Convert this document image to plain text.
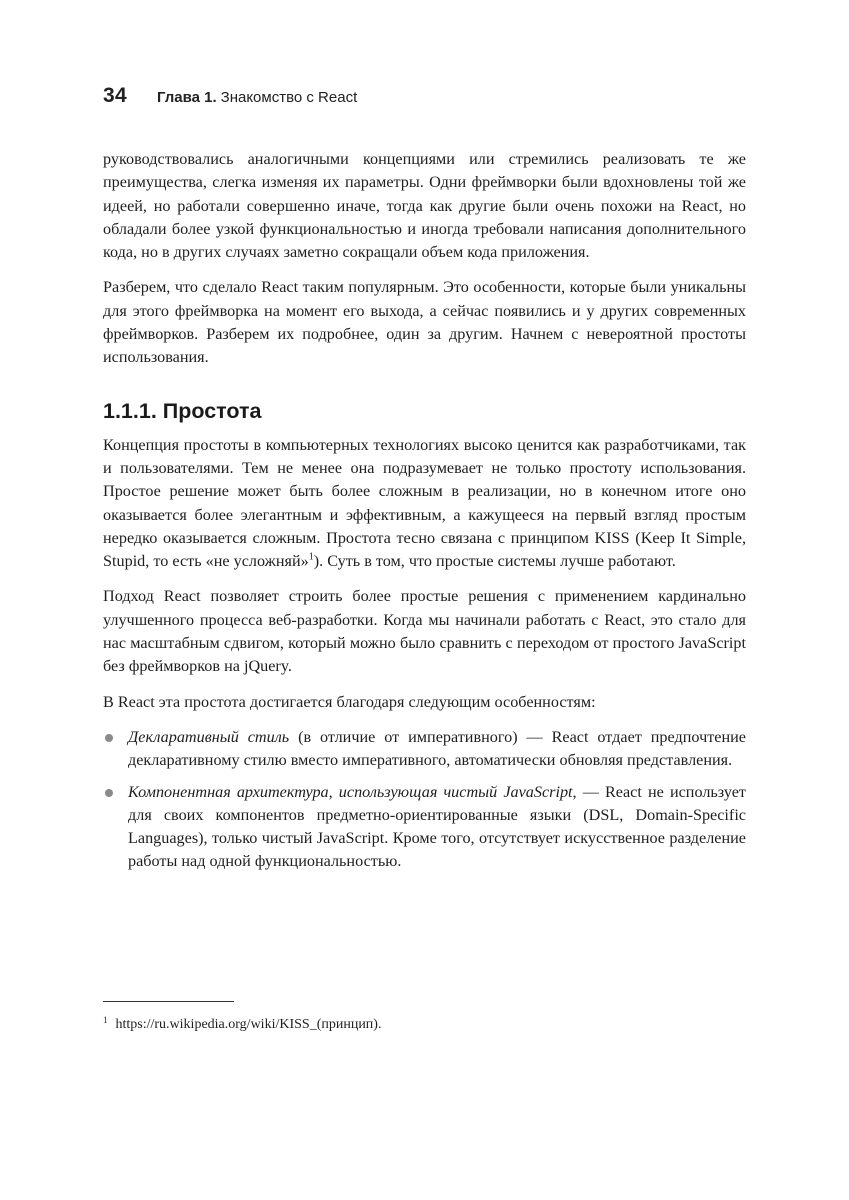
34 Глава 1. Знакомство с React

руководствовались аналогичными концепциями или стремились реализовать те же преимущества, слегка изменяя их параметры. Одни фреймворки были вдохновлены той же идеей, но работали совершенно иначе, тогда как другие были очень похожи на React, но обладали более узкой функциональностью и иногда требовали написания дополнительного кода, но в других случаях заметно сокращали объем кода приложения.

Разберем, что сделало React таким популярным. Это особенности, которые были уникальны для этого фреймворка на момент его выхода, а сейчас появились и у других современных фреймворков. Разберем их подробнее, один за другим. Начнем с невероятной простоты использования.

1.1.1. Простота

Концепция простоты в компьютерных технологиях высоко ценится как разработчиками, так и пользователями. Тем не менее она подразумевает не только простоту использования. Простое решение может быть более сложным в реализации, но в конечном итоге оно оказывается более элегантным и эффективным, а кажущееся на первый взгляд простым нередко оказывается сложным. Простота тесно связана с принципом KISS (Keep It Simple, Stupid, то есть «не усложняй»$^1$). Суть в том, что простые системы лучше работают.

Подход React позволяет строить более простые решения с применением кардинально улучшенного процесса веб-разработки. Когда мы начинали работать с React, это стало для нас масштабным сдвигом, который можно было сравнить с переходом от простого JavaScript без фреймворков на jQuery.

В React эта простота достигается благодаря следующим особенностям:

Декларативный стиль (в отличие от императивного) — React отдает предпочтение декларативному стилю вместо императивного, автоматически обновляя представления.
Компонентная архитектура, использующая чистый JavaScript, — React не использует для своих компонентов предметно-ориентированные языки (DSL, Domain-Specific Languages), только чистый JavaScript. Кроме того, отсутствует искусственное разделение работы над одной функциональностью.
$^1$ https://ru.wikipedia.org/wiki/KISS_(принцип).
